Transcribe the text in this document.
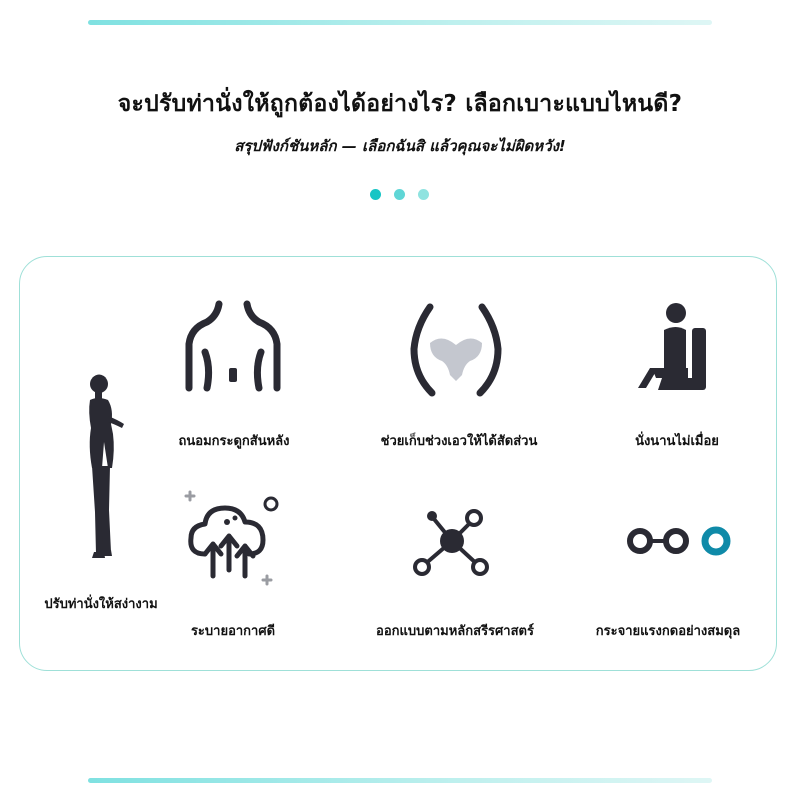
จะปรับท่านั่งให้ถูกต้องได้อย่างไร? เลือกเบาะแบบไหนดี?
สรุปฟังก์ชันหลัก — เลือกฉันสิ แล้วคุณจะไม่ผิดหวัง!
ปรับท่านั่งให้สง่างาม
ถนอมกระดูกสันหลัง	ช่วยเก็บช่วงเอวให้ได้สัดส่วน	นั่งนานไม่เมื่อย
ระบายอากาศดี	ออกแบบตามหลักสรีรศาสตร์	กระจายแรงกดอย่างสมดุล
